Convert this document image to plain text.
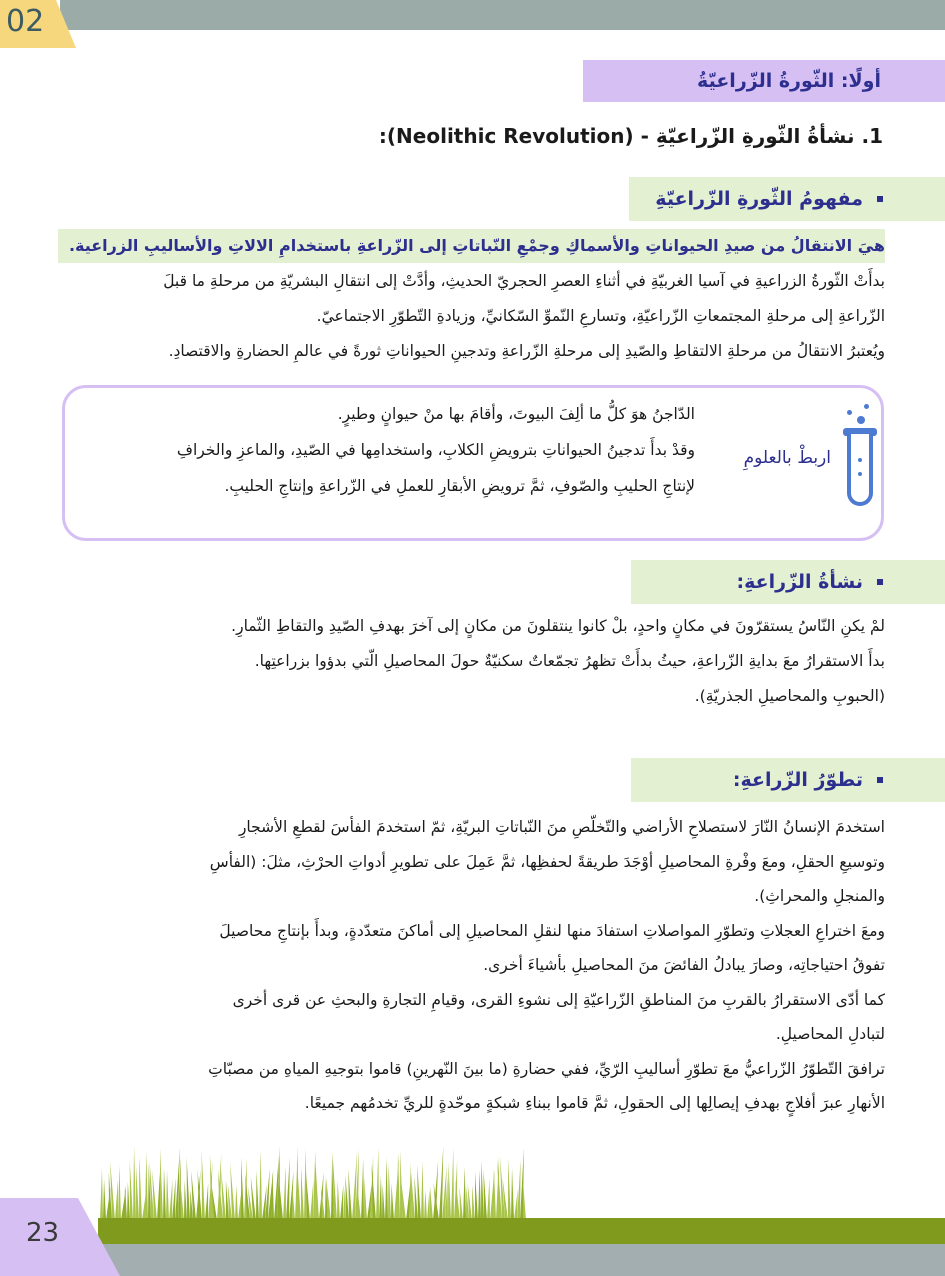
02
أولًا: الثّورةُ الزّراعيّةُ
1. نشأةُ الثّورةِ الزّراعيّةِ - (Neolithic Revolution):
مفهومُ الثّورةِ الزّراعيّةِ
هيَ الانتقالُ من صيدِ الحيواناتِ والأسماكِ وجمْعِ النّباتاتِ إلى الزّراعةِ باستخدامِ الالاتِ والأساليبِ الزراعية.
بدأَتْ الثّورةُ الزراعيةِ في آسيا الغربيّةِ في أثناءِ العصرِ الحجريّ الحديثِ، وأدَّتْ إلى انتقالِ البشريّةِ من مرحلةِ ما قبلَ
الزّراعةِ إلى مرحلةِ المجتمعاتِ الزّراعيّةِ، وتسارعِ النّموِّ السّكانيِّ، وزيادةِ التّطوّرِ الاجتماعيّ.
ويُعتبرُ الانتقالُ من مرحلةِ الالتقاطِ والصّيدِ إلى مرحلةِ الزّراعةِ وتدجينِ الحيواناتِ ثورةً في عالمِ الحضارةِ والاقتصادِ.
الدّاجنُ هوَ كلُّ ما ألِفَ البيوتَ، وأقامَ بها منْ حيوانٍ وطيرٍ.
وقدْ بدأَ تدجينُ الحيواناتِ بترويضِ الكلابِ، واستخدامِها في الصّيدِ، والماعزِ والخرافِ
لإنتاجِ الحليبِ والصّوفِ، ثمَّ ترويضِ الأبقارِ للعملِ في الزّراعةِ وإنتاجِ الحليبِ.
اربطْ بالعلومِ
نشأةُ الزّراعةِ:
لمْ يكنِ النّاسُ يستقرّونَ في مكانٍ واحدٍ، بلْ كانوا ينتقلونَ من مكانٍ إلى آخرَ بهدفِ الصّيدِ والتقاطِ الثّمارِ.
بدأَ الاستقرارُ معَ بدايةِ الزّراعةِ، حيثُ بدأَتْ تظهرُ تجمّعاتٌ سكنيّةٌ حولَ المحاصيلِ الّتي بدؤوا بزراعتِها.
(الحبوبِ والمحاصيلِ الجذريّةِ).
تطوّرُ الزّراعةِ:
استخدمَ الإنسانُ النّارَ لاستصلاحِ الأراضي والتّخلّصِ منَ النّباتاتِ البريّةِ، ثمّ استخدمَ الفأسَ لقطعِ الأشجارِ
وتوسيعِ الحقلِ، ومعَ وفْرةِ المحاصيلِ أوْجَدَ طريقةً لحفظِها، ثمَّ عَمِلَ على تطويرِ أدواتِ الحرْثِ، مثلَ: (الفأسِ
والمنجلِ والمحراثِ).
ومعَ اختراعِ العجلاتِ وتطوّرِ المواصلاتِ استفادَ منها لنقلِ المحاصيلِ إلى أماكنَ متعدّدةٍ، وبدأَ بإنتاجِ محاصيلَ
تفوقُ احتياجاتِه، وصارَ يبادلُ الفائضَ منَ المحاصيلِ بأشياءَ أخرى.
كما أدّى الاستقرارُ بالقربِ منَ المناطقِ الزّراعيّةِ إلى نشوءِ القرى، وقيامِ التجارةِ والبحثِ عن قرى أخرى
لتبادلِ المحاصيلِ.
ترافقَ التّطوّرُ الزّراعيُّ معَ تطوّرِ أساليبِ الرّيِّ، ففي حضارةِ (ما بينَ النّهرينِ) قاموا بتوجيهِ المياهِ من مصبّاتِ
الأنهارِ عبرَ أفلاجٍ بهدفِ إيصالِها إلى الحقولِ، ثمَّ قاموا ببناءِ شبكةٍ موحّدةٍ للريِّ تخدمُهم جميعًا.
23
